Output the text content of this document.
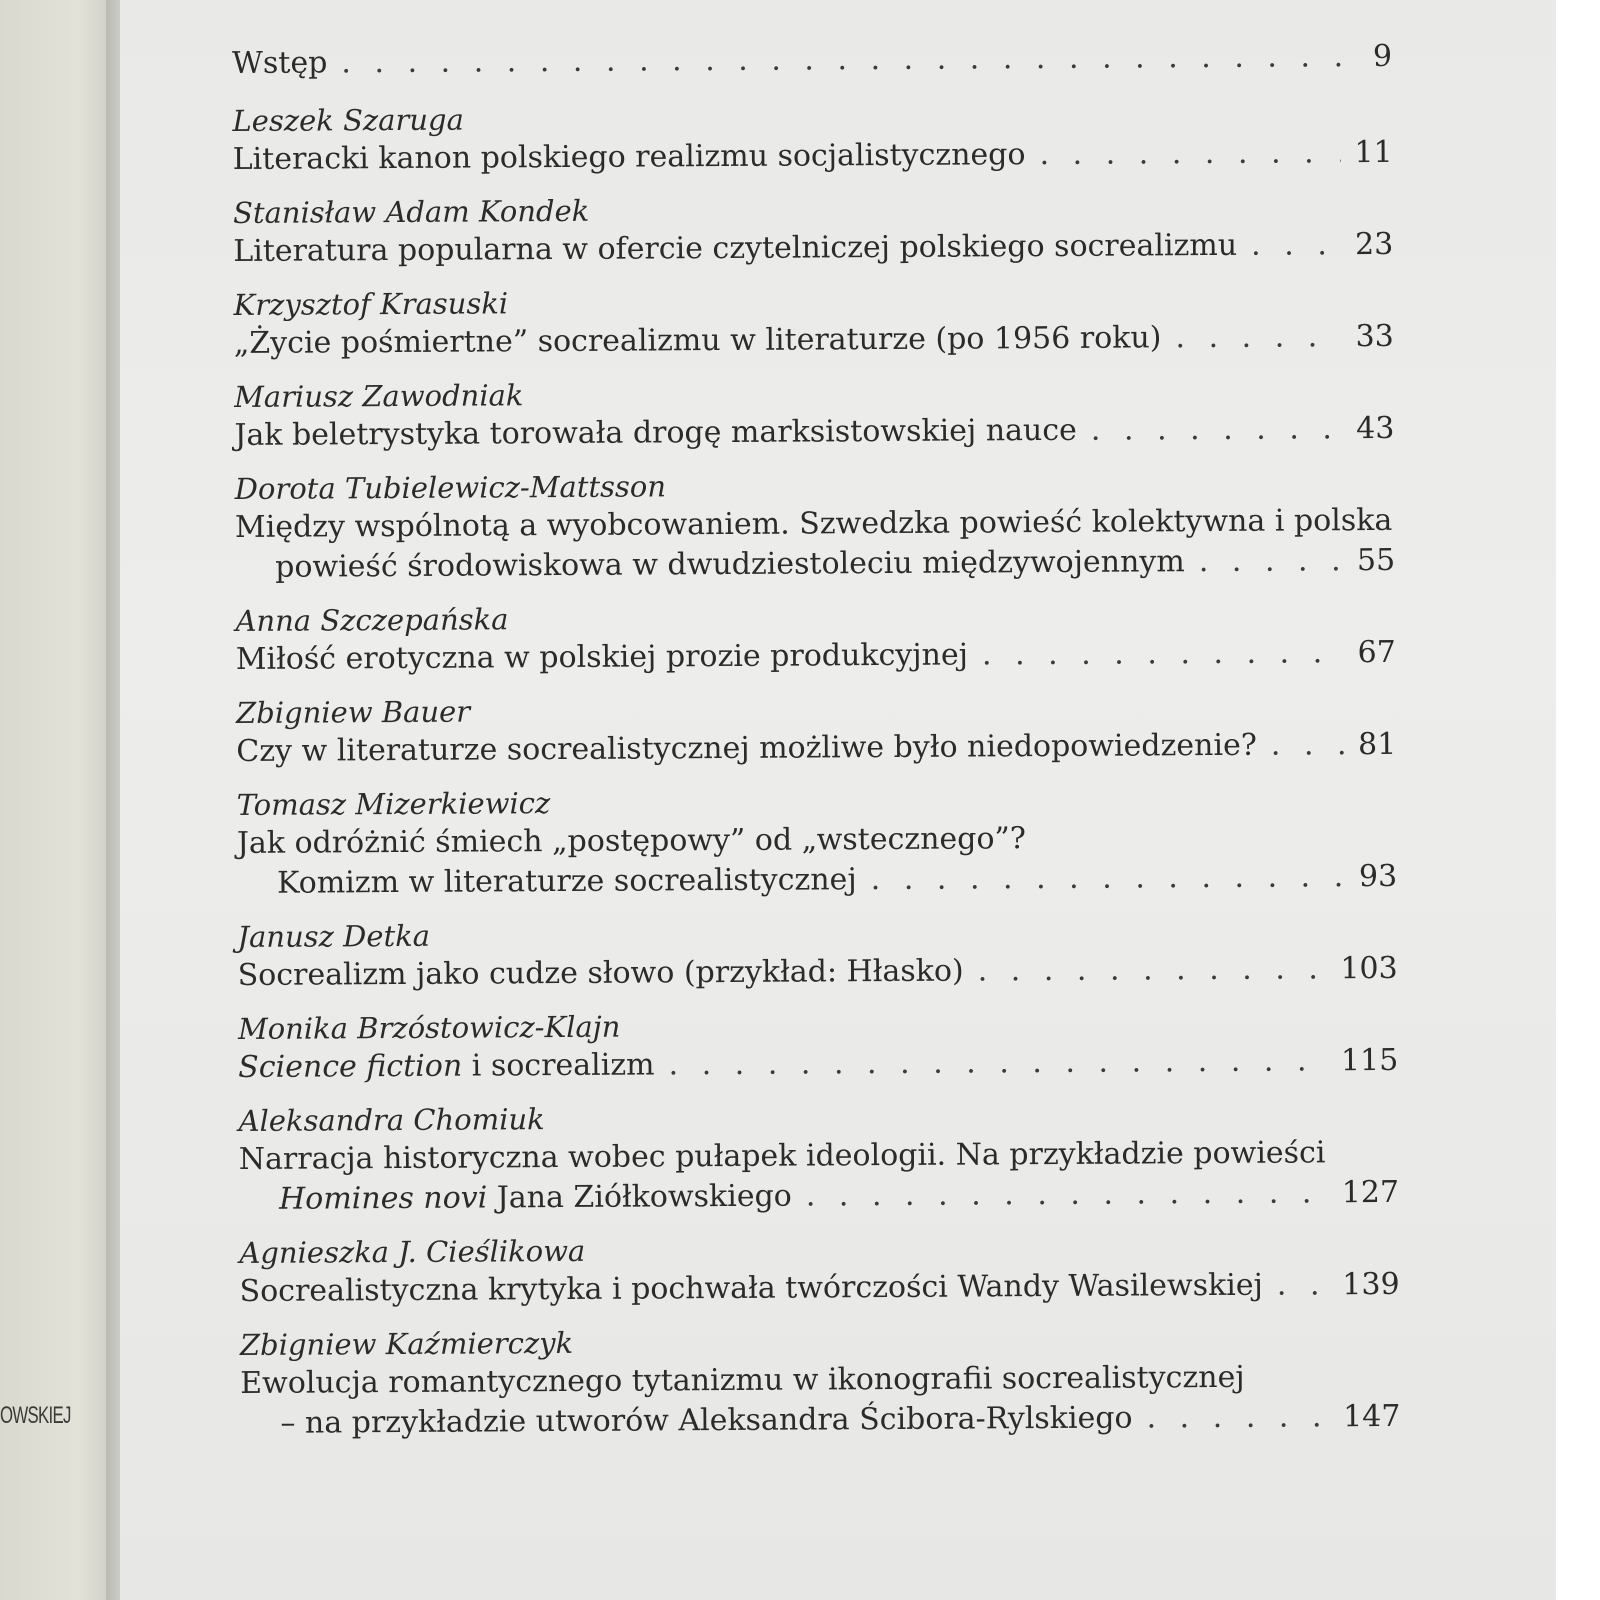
OWSKIEJ
Wstęp . . .	9
Leszek Szaruga
Literacki kanon polskiego realizmu socjalistycznego . . .	11
Stanisław Adam Kondek
Literatura popularna w ofercie czytelniczej polskiego socrealizmu . . .	23
Krzysztof Krasuski
„Życie pośmiertne” socrealizmu w literaturze (po 1956 roku) . . .	33
Mariusz Zawodniak
Jak beletrystyka torowała drogę marksistowskiej nauce . . .	43
Dorota Tubielewicz-Mattsson
Między wspólnotą a wyobcowaniem. Szwedzka powieść kolektywna i polska
powieść środowiskowa w dwudziestoleciu międzywojennym . . .	55
Anna Szczepańska
Miłość erotyczna w polskiej prozie produkcyjnej . . .	67
Zbigniew Bauer
Czy w literaturze socrealistycznej możliwe było niedopowiedzenie? . . .	81
Tomasz Mizerkiewicz
Jak odróżnić śmiech „postępowy” od „wstecznego”?
Komizm w literaturze socrealistycznej . . .	93
Janusz Detka
Socrealizm jako cudze słowo (przykład: Hłasko) . . .	103
Monika Brzóstowicz-Klajn
Science fiction i socrealizm . . .	115
Aleksandra Chomiuk
Narracja historyczna wobec pułapek ideologii. Na przykładzie powieści
Homines novi Jana Ziółkowskiego . . .	127
Agnieszka J. Cieślikowa
Socrealistyczna krytyka i pochwała twórczości Wandy Wasilewskiej . . .	139
Zbigniew Kaźmierczyk
Ewolucja romantycznego tytanizmu w ikonografii socrealistycznej
– na przykładzie utworów Aleksandra Ścibora-Rylskiego . . .	147
